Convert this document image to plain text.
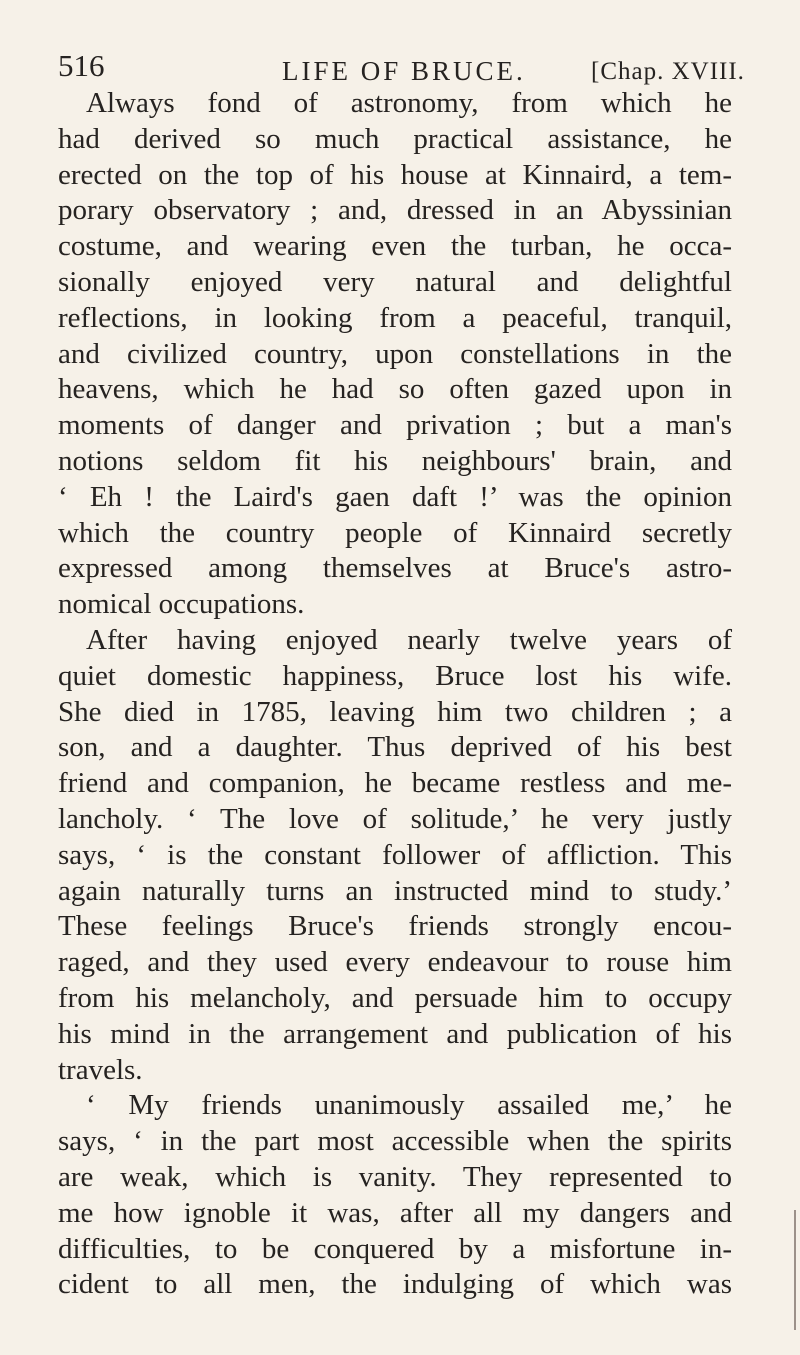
516	LIFE OF BRUCE.	[Chap. XVIII.
Always fond of astronomy, from which he
had derived so much practical assistance, he
erected on the top of his house at Kinnaird, a tem-
porary observatory ; and, dressed in an Abyssinian
costume, and wearing even the turban, he occa-
sionally enjoyed very natural and delightful
reflections, in looking from a peaceful, tranquil,
and civilized country, upon constellations in the
heavens, which he had so often gazed upon in
moments of danger and privation ; but a man's
notions seldom fit his neighbours' brain, and
‘ Eh ! the Laird's gaen daft !’ was the opinion
which the country people of Kinnaird secretly
expressed among themselves at Bruce's astro-
nomical occupations.
After having enjoyed nearly twelve years of
quiet domestic happiness, Bruce lost his wife.
She died in 1785, leaving him two children ; a
son, and a daughter. Thus deprived of his best
friend and companion, he became restless and me-
lancholy. ‘ The love of solitude,’ he very justly
says, ‘ is the constant follower of affliction. This
again naturally turns an instructed mind to study.’
These feelings Bruce's friends strongly encou-
raged, and they used every endeavour to rouse him
from his melancholy, and persuade him to occupy
his mind in the arrangement and publication of his
travels.
‘ My friends unanimously assailed me,’ he
says, ‘ in the part most accessible when the spirits
are weak, which is vanity. They represented to
me how ignoble it was, after all my dangers and
difficulties, to be conquered by a misfortune in-
cident to all men, the indulging of which was
